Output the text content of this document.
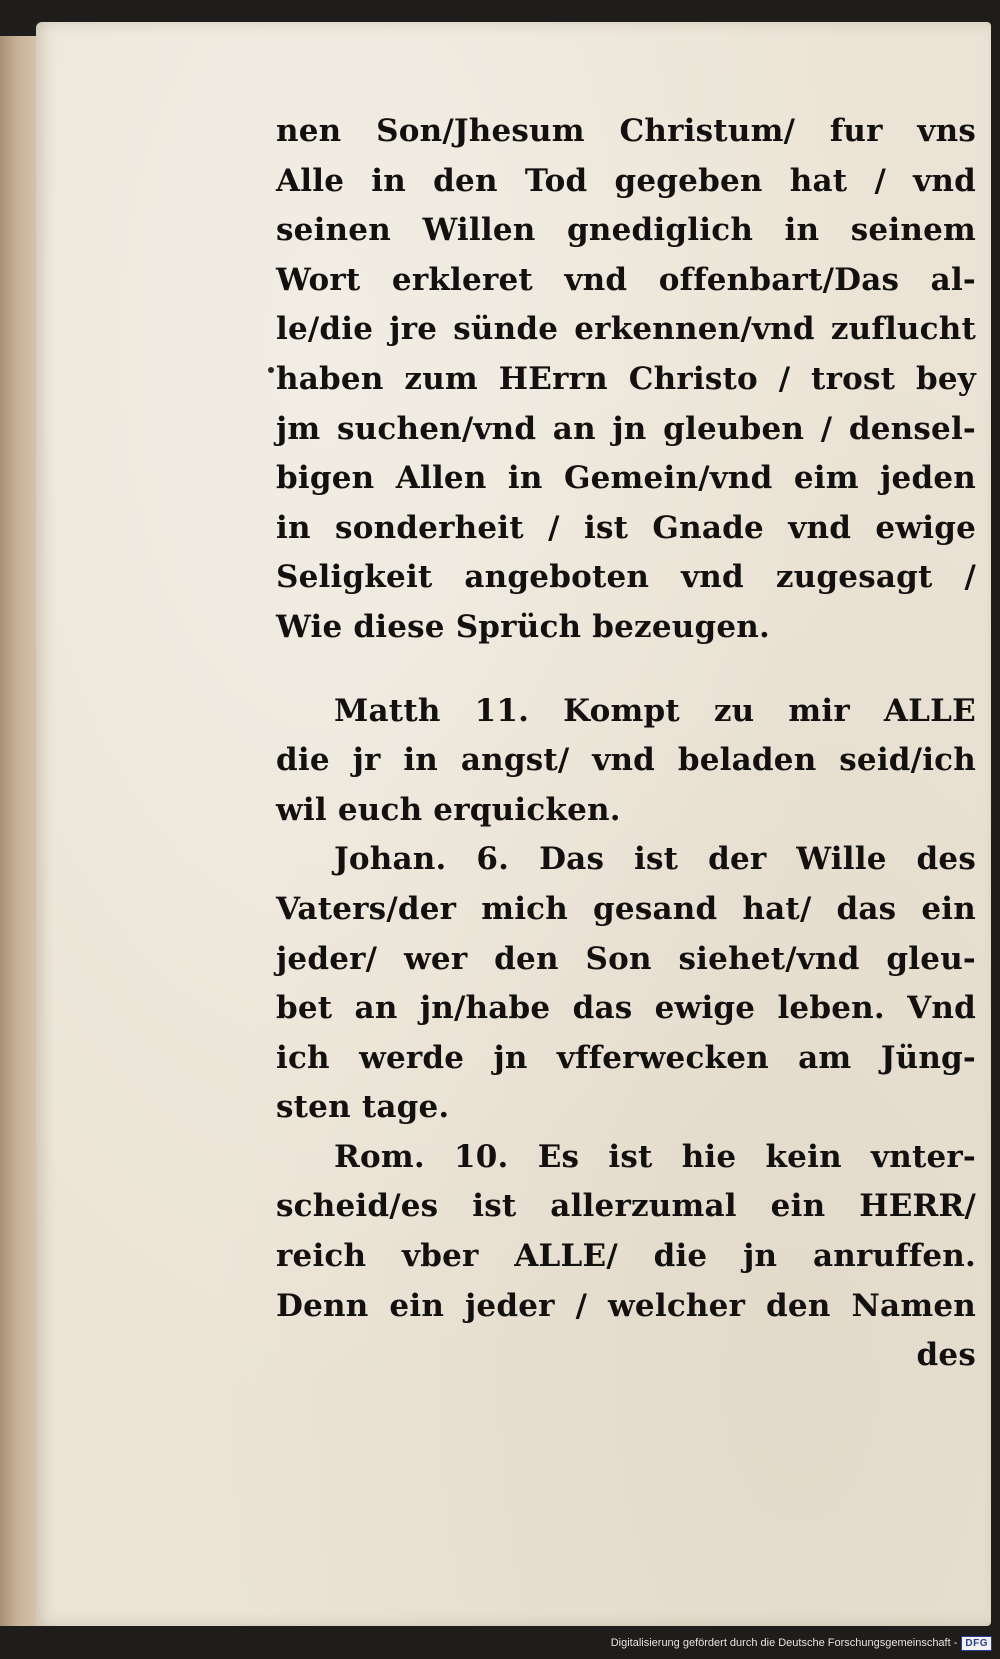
nen Son/Jhesum Christum/ fur vns
Alle in den Tod gegeben hat / vnd
seinen Willen gnediglich in seinem
Wort erkleret vnd offenbart/Das al-
le/die jre sünde erkennen/vnd zuflucht
haben zum HErrn Christo / trost bey
jm suchen/vnd an jn gleuben / densel-
bigen Allen in Gemein/vnd eim jeden
in sonderheit / ist Gnade vnd ewige
Seligkeit angeboten vnd zugesagt /
Wie diese Sprüch bezeugen.
Matth 11. Kompt zu mir ALLE
die jr in angst/ vnd beladen seid/ich
wil euch erquicken.
Johan. 6. Das ist der Wille des
Vaters/der mich gesand hat/ das ein
jeder/ wer den Son siehet/vnd gleu-
bet an jn/habe das ewige leben. Vnd
ich werde jn vfferwecken am Jüng-
sten tage.
Rom. 10. Es ist hie kein vnter-
scheid/es ist allerzumal ein HERR/
reich vber ALLE/ die jn anruffen.
Denn ein jeder / welcher den Namen
des
Digitalisierung gefördert durch die Deutsche Forschungsgemeinschaft - DFG
